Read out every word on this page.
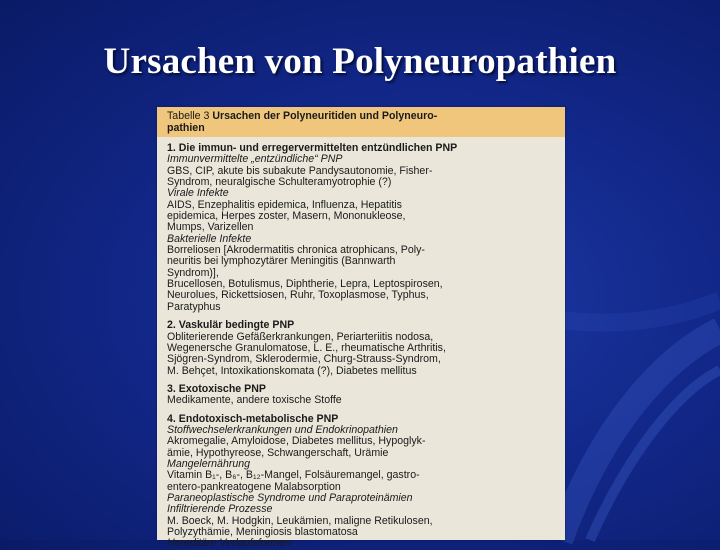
Ursachen von Polyneuropathien
Tabelle 3 Ursachen der Polyneuritiden und Polyneuro-
pathien
1. Die immun- und erregervermittelten entzündlichen PNP
Immunvermittelte „entzündliche“ PNP
GBS, CIP, akute bis subakute Pandysautonomie, Fisher-
Syndrom, neuralgische Schulteramyotrophie (?)
Virale Infekte
AIDS, Enzephalitis epidemica, Influenza, Hepatitis
epidemica, Herpes zoster, Masern, Mononukleose,
Mumps, Varizellen
Bakterielle Infekte
Borreliosen [Akrodermatitis chronica atrophicans, Poly-
neuritis bei lymphozytärer Meningitis (Bannwarth
Syndrom)],
Brucellosen, Botulismus, Diphtherie, Lepra, Leptospirosen,
Neurolues, Rickettsiosen, Ruhr, Toxoplasmose, Typhus,
Paratyphus
2. Vaskulär bedingte PNP
Obliterierende Gefäßerkrankungen, Periarteriitis nodosa,
Wegenersche Granulomatose, L. E., rheumatische Arthritis,
Sjögren-Syndrom, Sklerodermie, Churg-Strauss-Syndrom,
M. Behçet, Intoxikationskomata (?), Diabetes mellitus
3. Exotoxische PNP
Medikamente, andere toxische Stoffe
4. Endotoxisch-metabolische PNP
Stoffwechselerkrankungen und Endokrinopathien
Akromegalie, Amyloidose, Diabetes mellitus, Hypoglyk-
ämie, Hypothyreose, Schwangerschaft, Urämie
Mangelernährung
Vitamin B₁-, B₆-, B₁₂-Mangel, Folsäuremangel, gastro-
entero-pankreatogene Malabsorption
Paraneoplastische Syndrome und Paraproteinämien
Infiltrierende Prozesse
M. Boeck, M. Hodgkin, Leukämien, maligne Retikulosen,
Polyzythämie, Meningiosis blastomatosa
Hereditäre Verlaufsformen
